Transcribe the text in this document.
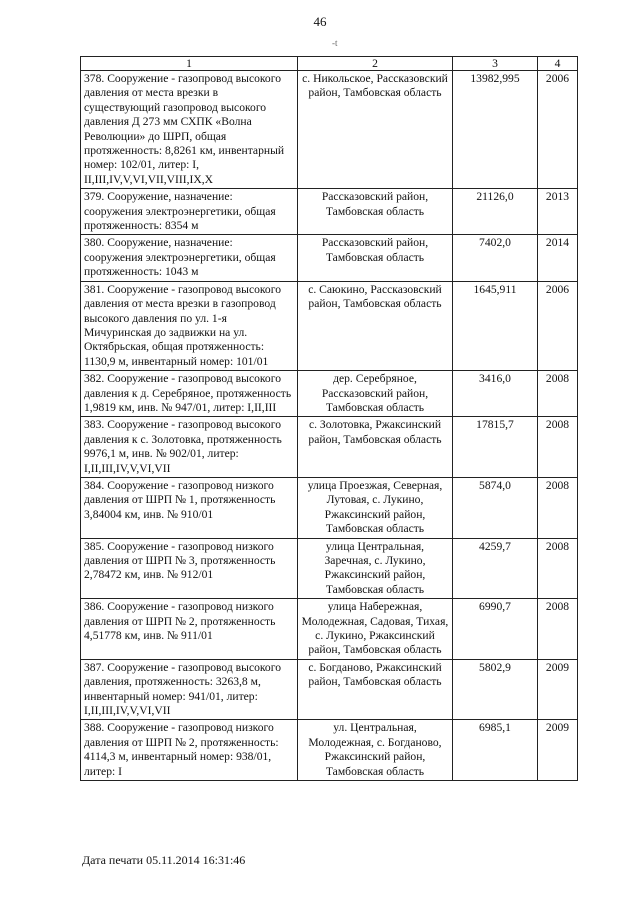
46
-t
1	2	3	4
378. Сооружение - газопровод высокого давления от места врезки в существующий газопровод высокого давления Д 273 мм СХПК «Волна Революции» до ШРП, общая протяженность: 8,8261 км, инвентарный номер: 102/01, литер: I, II,III,IV,V,VI,VII,VIII,IX,X	с. Никольское, Рассказовский район, Тамбовская область	13982,995	2006
379. Сооружение, назначение: сооружения электроэнергетики, общая протяженность: 8354 м	Рассказовский район, Тамбовская область	21126,0	2013
380. Сооружение, назначение: сооружения электроэнергетики, общая протяженность: 1043 м	Рассказовский район, Тамбовская область	7402,0	2014
381. Сооружение - газопровод высокого давления от места врезки в газопровод высокого давления по ул. 1-я Мичуринская до задвижки на ул. Октябрьская, общая протяженность: 1130,9 м, инвентарный номер: 101/01	с. Саюкино, Рассказовский район, Тамбовская область	1645,911	2006
382. Сооружение - газопровод высокого давления к д. Серебряное, протяженность 1,9819 км, инв. № 947/01, литер: I,II,III	дер. Серебряное, Рассказовский район, Тамбовская область	3416,0	2008
383. Сооружение - газопровод высокого давления к с. Золотовка, протяженность 9976,1 м, инв. № 902/01, литер: I,II,III,IV,V,VI,VII	с. Золотовка, Ржаксинский район, Тамбовская область	17815,7	2008
384. Сооружение - газопровод низкого давления от ШРП № 1, протяженность 3,84004 км, инв. № 910/01	улица Проезжая, Северная, Лутовая, с. Лукино, Ржаксинский район, Тамбовская область	5874,0	2008
385. Сооружение - газопровод низкого давления от ШРП № 3, протяженность 2,78472 км, инв. № 912/01	улица Центральная, Заречная, с. Лукино, Ржаксинский район, Тамбовская область	4259,7	2008
386. Сооружение - газопровод низкого давления от ШРП № 2, протяженность 4,51778 км, инв. № 911/01	улица Набережная, Молодежная, Садовая, Тихая, с. Лукино, Ржаксинский район, Тамбовская область	6990,7	2008
387. Сооружение - газопровод высокого давления, протяженность: 3263,8 м, инвентарный номер: 941/01, литер: I,II,III,IV,V,VI,VII	с. Богданово, Ржаксинский район, Тамбовская область	5802,9	2009
388. Сооружение - газопровод низкого давления от ШРП № 2, протяженность: 4114,3 м, инвентарный номер: 938/01, литер: I	ул. Центральная, Молодежная, с. Богданово, Ржаксинский район, Тамбовская область	6985,1	2009
Дата печати 05.11.2014 16:31:46
